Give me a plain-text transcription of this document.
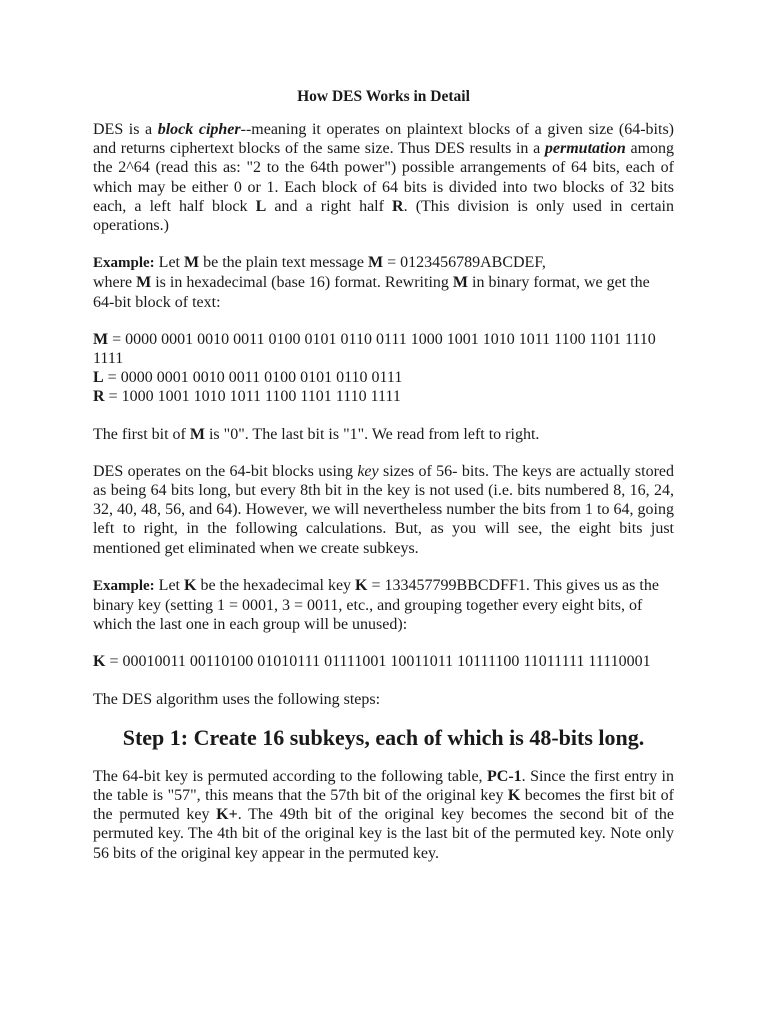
How DES Works in Detail

DES is a block cipher--meaning it operates on plaintext blocks of a given size (64-bits) and returns ciphertext blocks of the same size. Thus DES results in a permutation among the 2^64 (read this as: "2 to the 64th power") possible arrangements of 64 bits, each of which may be either 0 or 1. Each block of 64 bits is divided into two blocks of 32 bits each, a left half block L and a right half R. (This division is only used in certain operations.)

Example: Let M be the plain text message M = 0123456789ABCDEF,
where M is in hexadecimal (base 16) format. Rewriting M in binary format, we get the 64-bit block of text:

M = 0000 0001 0010 0011 0100 0101 0110 0111 1000 1001 1010 1011 1100 1101 1110 1111
L = 0000 0001 0010 0011 0100 0101 0110 0111
R = 1000 1001 1010 1011 1100 1101 1110 1111

The first bit of M is "0". The last bit is "1". We read from left to right.

DES operates on the 64-bit blocks using key sizes of 56- bits. The keys are actually stored as being 64 bits long, but every 8th bit in the key is not used (i.e. bits numbered 8, 16, 24, 32, 40, 48, 56, and 64). However, we will nevertheless number the bits from 1 to 64, going left to right, in the following calculations. But, as you will see, the eight bits just mentioned get eliminated when we create subkeys.

Example: Let K be the hexadecimal key K = 133457799BBCDFF1. This gives us as the binary key (setting 1 = 0001, 3 = 0011, etc., and grouping together every eight bits, of which the last one in each group will be unused):

K = 00010011 00110100 01010111 01111001 10011011 10111100 11011111 11110001

The DES algorithm uses the following steps:

Step 1: Create 16 subkeys, each of which is 48-bits long.

The 64-bit key is permuted according to the following table, PC-1. Since the first entry in the table is "57", this means that the 57th bit of the original key K becomes the first bit of the permuted key K+. The 49th bit of the original key becomes the second bit of the permuted key. The 4th bit of the original key is the last bit of the permuted key. Note only 56 bits of the original key appear in the permuted key.
